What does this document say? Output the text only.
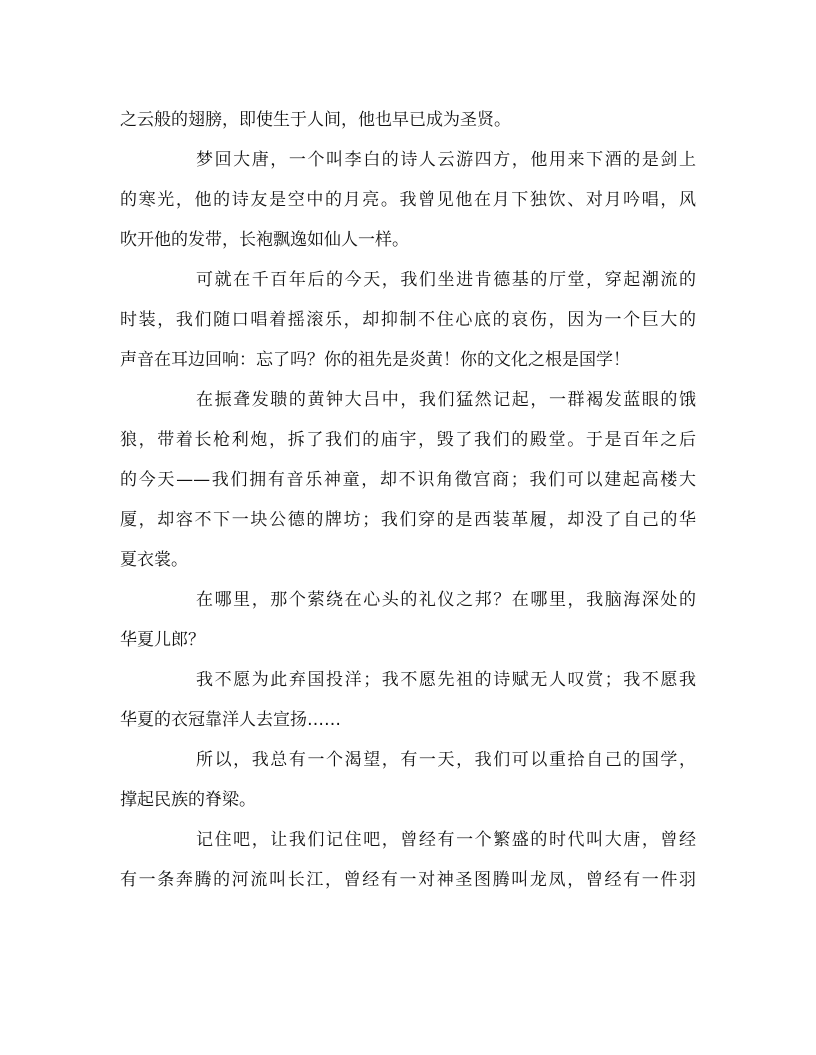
之云般的翅膀，即使生于人间，他也早已成为圣贤。
梦回大唐，一个叫李白的诗人云游四方，他用来下酒的是剑上
的寒光，他的诗友是空中的月亮。我曾见他在月下独饮、对月吟唱，风
吹开他的发带，长袍飘逸如仙人一样。
可就在千百年后的今天，我们坐进肯德基的厅堂，穿起潮流的
时装，我们随口唱着摇滚乐，却抑制不住心底的哀伤，因为一个巨大的
声音在耳边回响：忘了吗？你的祖先是炎黄！你的文化之根是国学！
在振聋发聩的黄钟大吕中，我们猛然记起，一群褐发蓝眼的饿
狼，带着长枪利炮，拆了我们的庙宇，毁了我们的殿堂。于是百年之后
的今天——我们拥有音乐神童，却不识角徵宫商；我们可以建起高楼大
厦，却容不下一块公德的牌坊；我们穿的是西装革履，却没了自己的华
夏衣裳。
在哪里，那个萦绕在心头的礼仪之邦？在哪里，我脑海深处的
华夏儿郎？
我不愿为此弃国投洋；我不愿先祖的诗赋无人叹赏；我不愿我
华夏的衣冠靠洋人去宣扬……
所以，我总有一个渴望，有一天，我们可以重拾自己的国学，
撑起民族的脊梁。
记住吧，让我们记住吧，曾经有一个繁盛的时代叫大唐，曾经
有一条奔腾的河流叫长江，曾经有一对神圣图腾叫龙凤，曾经有一件羽
